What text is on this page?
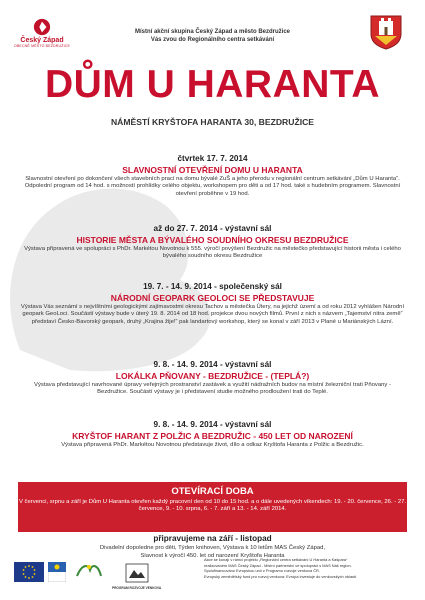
Český Západ
OBECNĚ MĚSTO BEZDRUŽICE
Místní akční skupina Český Západ a město Bezdružice
Vás zvou do Regionálního centra setkávání
DŮM U HARANTA
NÁMĚSTÍ KRYŠTOFA HARANTA 30, BEZDRUŽICE
čtvrtek 17. 7. 2014
SLAVNOSTNÍ OTEVŘENÍ DOMU U HARANTA
Slavnostní otevření po dokončení všech stavebních prací na domu bývalé ZuŠ a jeho přerodu v regionální centrum setkávání „Dům U Haranta“. Odpolední program od 14 hod. s možností prohlídky celého objektu, workshopem pro děti a od 17 hod. také s hudebním programem. Slavnostní otevření proběhne v 19 hod.
až do 27. 7. 2014 - výstavní sál
HISTORIE MĚSTA A BÝVALÉHO SOUDNÍHO OKRESU BEZDRUŽICE
Výstava připravená ve spolupráci s PhDr. Markétou Novotnou k 555. výročí povýšení Bezdružic na městečko představující historii města i celého bývalého soudního okresu Bezdružice
19. 7. - 14. 9. 2014 - společenský sál
NÁRODNÍ GEOPARK GEOLOCI SE PŘEDSTAVUJE
Výstava Vás seznámí s nejvíštními geologickými zajímavostmi okresu Tachov a městečka Útery, na jejichž území a od roku 2012 vyhlášen Národní geopark GeoLoci. Součástí výstavy bude v úterý 19. 8. 2014 od 18 hod. projekce dvou nových filmů. První z nich s názvem „Tajemství nitra země“ představí Česko-Bavorský geopark, druhý „Krajina žije!“ pak landartový workshop, který se konal v září 2013 v Plané u Mariánských Lázní.
9. 8. - 14. 9. 2014 - výstavní sál
LOKÁLKA PŇOVANY - BEZDRUŽICE - (TEPLÁ?)
Výstava představující navrhované úpravy veřejných prostranství zastávek a využití nádražních budov na místní železniční trati Pňovany - Bezdružice. Součástí výstavy je i představení studie možného prodloužení trati do Teplé.
9. 8. - 14. 9. 2014 - výstavní sál
KRYŠTOF HARANT Z POLŽIC A BEZDRUŽIC - 450 LET OD NAROZENÍ
Výstava připravená PhDr. Markétou Novotnou představuje život, dílo a odkaz Kryštofa Haranta z Polžic a Bezdružic.
OTEVÍRACÍ DOBA
V červenci, srpnu a září je Dům U Haranta otevřen každý pracovní den od 10 do 15 hod. a o dále uvedených víkendech: 19. - 20. července, 26. - 27. července, 9. - 10. srpna, 6. - 7. září a 13. - 14. září 2014.
připravujeme na září - listopad
Divadelní dopoledne pro děti, Týden knihoven, Výstava k 10 letům MAS Český Západ,
Slavnost k výročí 450. let od narození Kryštofa Haranta
PROGRAM ROZVOJE VENKOVA
Akce se konají v rámci projektu „Regionální centra setkávání U Haranta a Kašpara“
realizovaném MAS Český Západ - Místní partnerství ve spolupráci s MAS Náš region.
Spolufinancováno Evropskou unií z Programu rozvoje venkova ČR.
Evropský zemědělský fond pro rozvoj venkova: Evropa investuje do venkovských oblastí.
